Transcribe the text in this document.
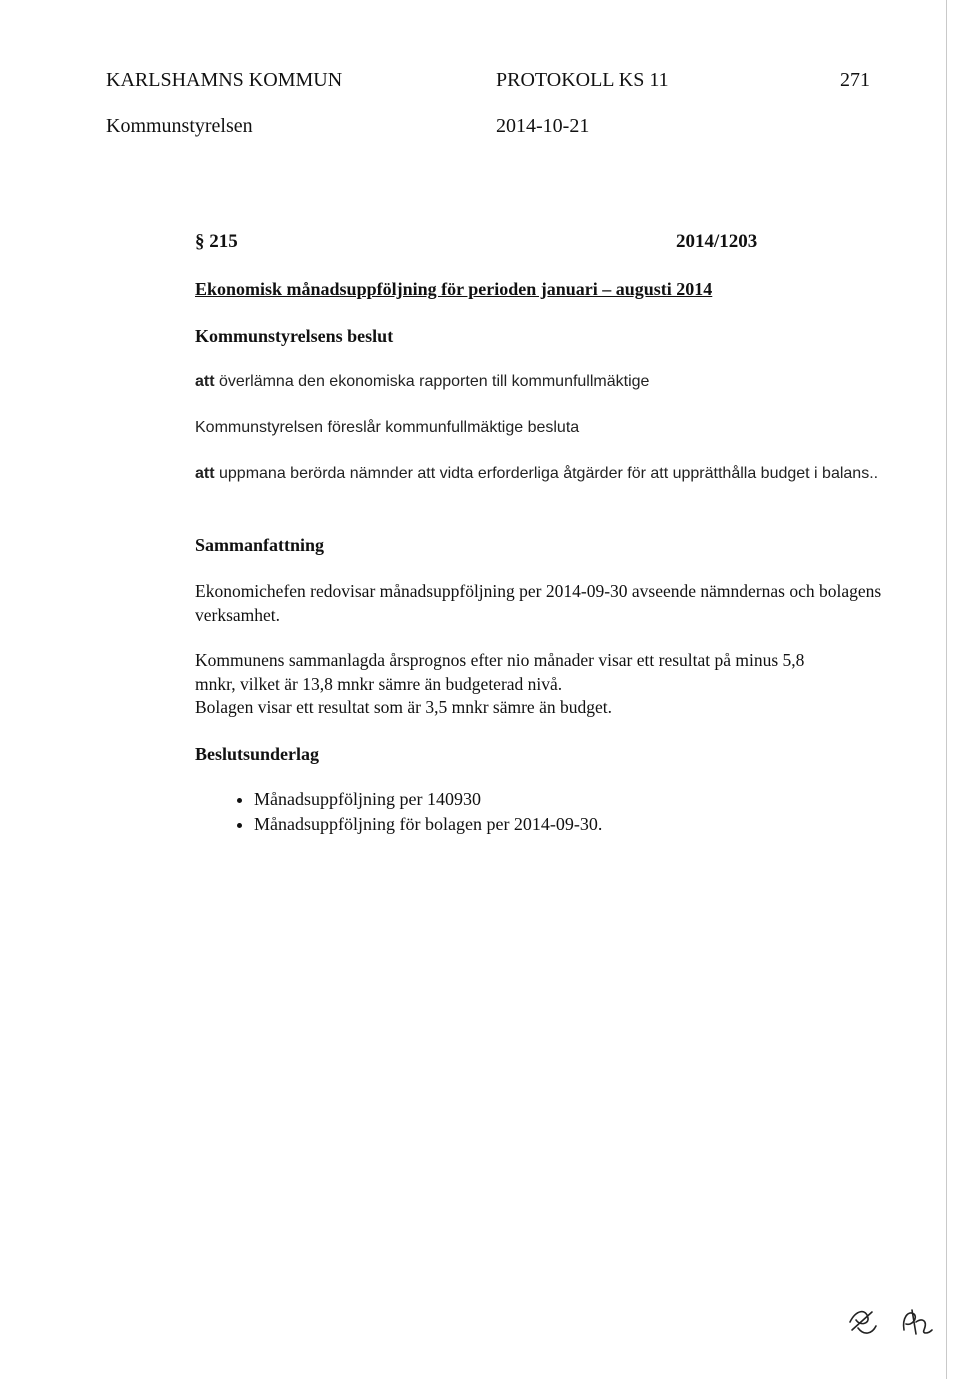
KARLSHAMNS KOMMUN	PROTOKOLL KS 11	271
Kommunstyrelsen	2014-10-21
§ 215	2014/1203
Ekonomisk månadsuppföljning för perioden januari – augusti 2014
Kommunstyrelsens beslut
att överlämna den ekonomiska rapporten till kommunfullmäktige
Kommunstyrelsen föreslår kommunfullmäktige besluta
att uppmana berörda nämnder att vidta erforderliga åtgärder för att upprätthålla budget i balans..
Sammanfattning
Ekonomichefen redovisar månadsuppföljning per 2014-09-30 avseende nämndernas och bolagens verksamhet.
Kommunens sammanlagda årsprognos efter nio månader visar ett resultat på minus 5,8 mnkr, vilket är 13,8 mnkr sämre än budgeterad nivå.
Bolagen visar ett resultat som är 3,5 mnkr sämre än budget.
Beslutsunderlag
• Månadsuppföljning per 140930
• Månadsuppföljning för bolagen per 2014-09-30.
